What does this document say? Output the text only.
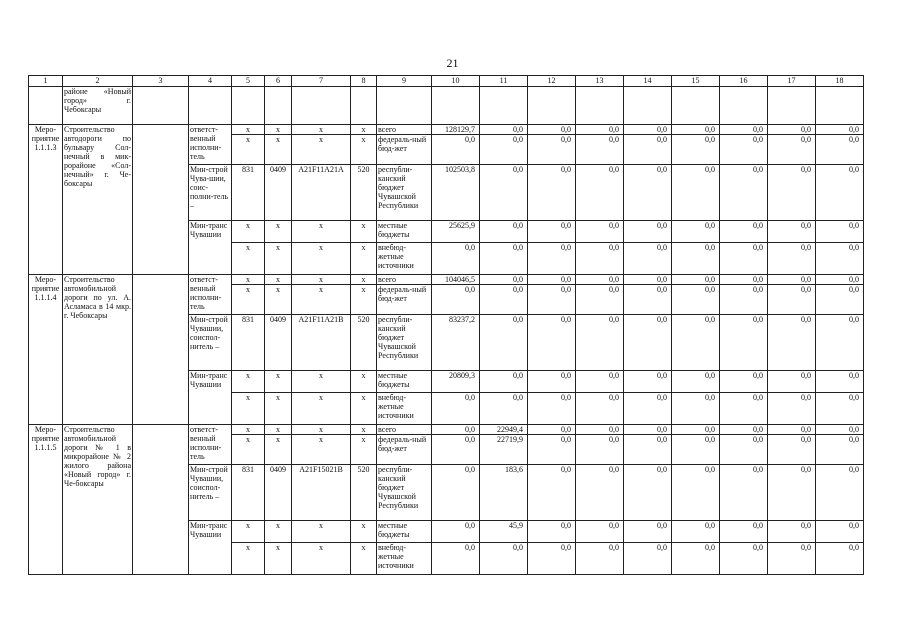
21
1	2	3	4	5	6	7	8	9	10	11	12	13	14	15	16	17	18
	районе «Новый город» г. Чебоксары																
Меро-приятие 1.1.1.3	Строительство автодороги по бульвару Сол-нечный в мик-рорайоне «Сол-нечный» г. Че-боксары		ответст-венный исполни-тель	x	x	x	x	всего	128129,7	0,0	0,0	0,0	0,0	0,0	0,0	0,0	0,0
				x	x	x	x	федераль-ный бюд-жет	0,0	0,0	0,0	0,0	0,0	0,0	0,0	0,0	0,0
			Мин-строй Чува-шии, соис-полни-тель –	831	0409	A21F11A21A	520	республи-канский бюджет Чувашской Республики	102503,8	0,0	0,0	0,0	0,0	0,0	0,0	0,0	0,0
			Мин-транс Чувашии	x	x	x	x	местные бюджеты	25625,9	0,0	0,0	0,0	0,0	0,0	0,0	0,0	0,0
				x	x	x	x	внебюд-жетные источники	0,0	0,0	0,0	0,0	0,0	0,0	0,0	0,0	0,0
Меро-приятие 1.1.1.4	Строительство автомобильной дороги по ул. А. Асламаса в 14 мкр. г. Чебоксары		ответст-венный исполни-тель	x	x	x	x	всего	104046,5	0,0	0,0	0,0	0,0	0,0	0,0	0,0	0,0
				x	x	x	x	федераль-ный бюд-жет	0,0	0,0	0,0	0,0	0,0	0,0	0,0	0,0	0,0
			Мин-строй Чувашии, соиспол-нитель –	831	0409	A21F11A21B	520	республи-канский бюджет Чувашской Республики	83237,2	0,0	0,0	0,0	0,0	0,0	0,0	0,0	0,0
			Мин-транс Чувашии	x	x	x	x	местные бюджеты	20809,3	0,0	0,0	0,0	0,0	0,0	0,0	0,0	0,0
				x	x	x	x	внебюд-жетные источники	0,0	0,0	0,0	0,0	0,0	0,0	0,0	0,0	0,0
Меро-приятие 1.1.1.5	Строительство автомобильной дороги № 1 в микрорайоне № 2 жилого района «Новый город» г. Че-боксары		ответст-венный исполни-тель	x	x	x	x	всего	0,0	22949,4	0,0	0,0	0,0	0,0	0,0	0,0	0,0
				x	x	x	x	федераль-ный бюд-жет	0,0	22719,9	0,0	0,0	0,0	0,0	0,0	0,0	0,0
			Мин-строй Чувашии, соиспол-нитель –	831	0409	A21F15021B	520	республи-канский бюджет Чувашской Республики	0,0	183,6	0,0	0,0	0,0	0,0	0,0	0,0	0,0
			Мин-транс Чувашии	x	x	x	x	местные бюджеты	0,0	45,9	0,0	0,0	0,0	0,0	0,0	0,0	0,0
				x	x	x	x	внебюд-жетные источники	0,0	0,0	0,0	0,0	0,0	0,0	0,0	0,0	0,0
